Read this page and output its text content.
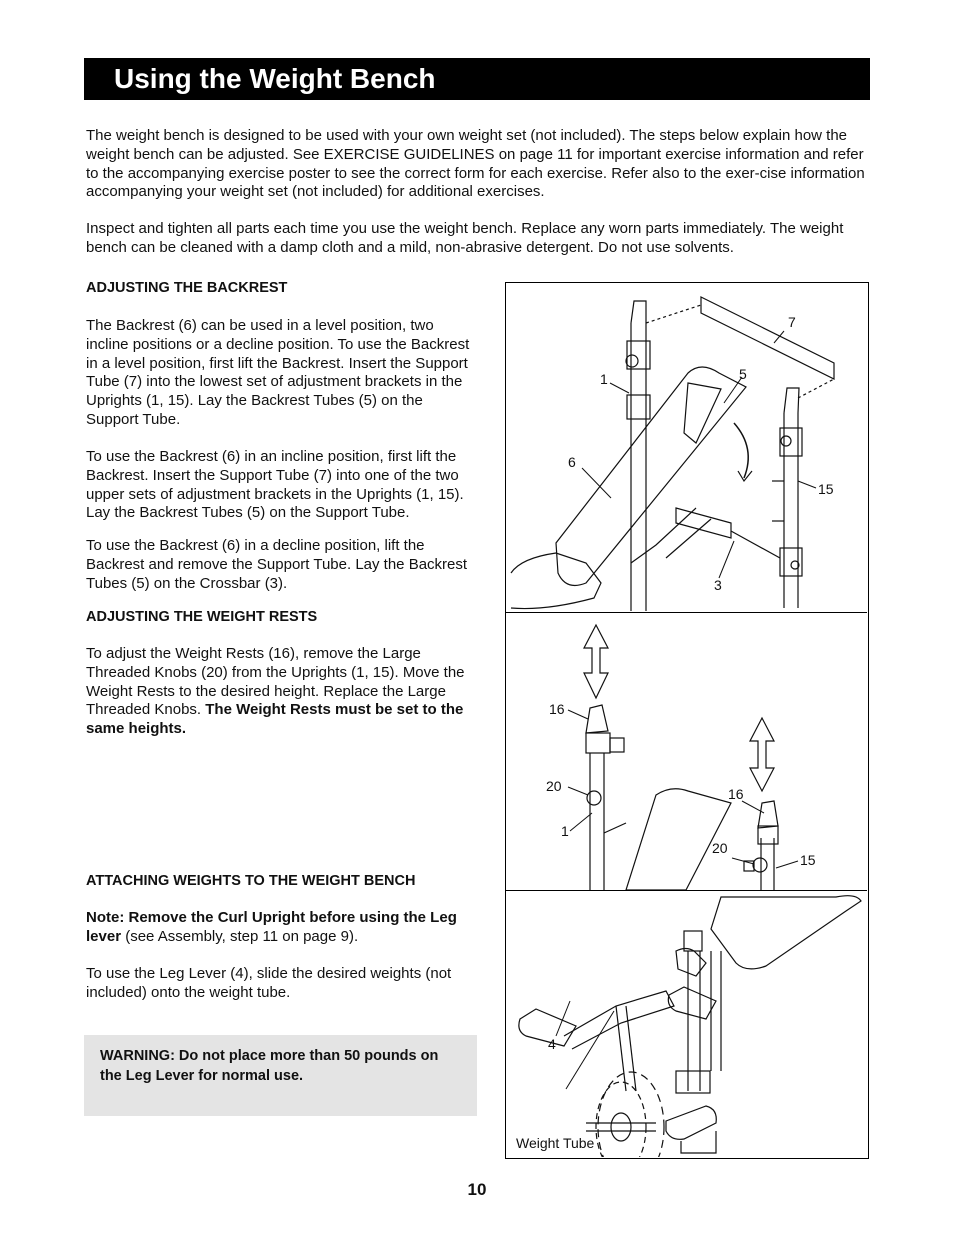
Using the Weight Bench

The weight bench is designed to be used with your own weight set (not included). The steps below explain how the weight bench can be adjusted. See EXERCISE GUIDELINES on page 11 for important exercise information and refer to the accompanying exercise poster to see the correct form for each exercise. Refer also to the exer-cise information accompanying your weight set (not included) for additional exercises.

Inspect and tighten all parts each time you use the weight bench. Replace any worn parts immediately. The weight bench can be cleaned with a damp cloth and a mild, non-abrasive detergent. Do not use solvents.

ADJUSTING THE BACKREST

The Backrest (6) can be used in a level position, two incline positions or a decline position. To use the Backrest in a level position, first lift the Backrest. Insert the Support Tube (7) into the lowest set of adjustment brackets in the Uprights (1, 15). Lay the Backrest Tubes (5) on the Support Tube.

To use the Backrest (6) in an incline position, first lift the Backrest. Insert the Support Tube (7) into one of the two upper sets of adjustment brackets in the Uprights (1, 15). Lay the Backrest Tubes (5) on the Support Tube.

To use the Backrest (6) in a decline position, lift the Backrest and remove the Support Tube. Lay the Backrest Tubes (5) on the Crossbar (3).

ADJUSTING THE WEIGHT RESTS

To adjust the Weight Rests (16), remove the Large Threaded Knobs (20) from the Uprights (1, 15). Move the Weight Rests to the desired height. Replace the Large Threaded Knobs. The Weight Rests must be set to the same heights.

ATTACHING WEIGHTS TO THE WEIGHT BENCH

Note: Remove the Curl Upright before using the Leg lever (see Assembly, step 11 on page 9).

To use the Leg Lever (4), slide the desired weights (not included) onto the weight tube.

WARNING: Do not place more than 50 pounds on the Leg Lever for normal use.

7
1	5
6
15
3
16
20
1
16
20
15
4
Weight Tube
10
